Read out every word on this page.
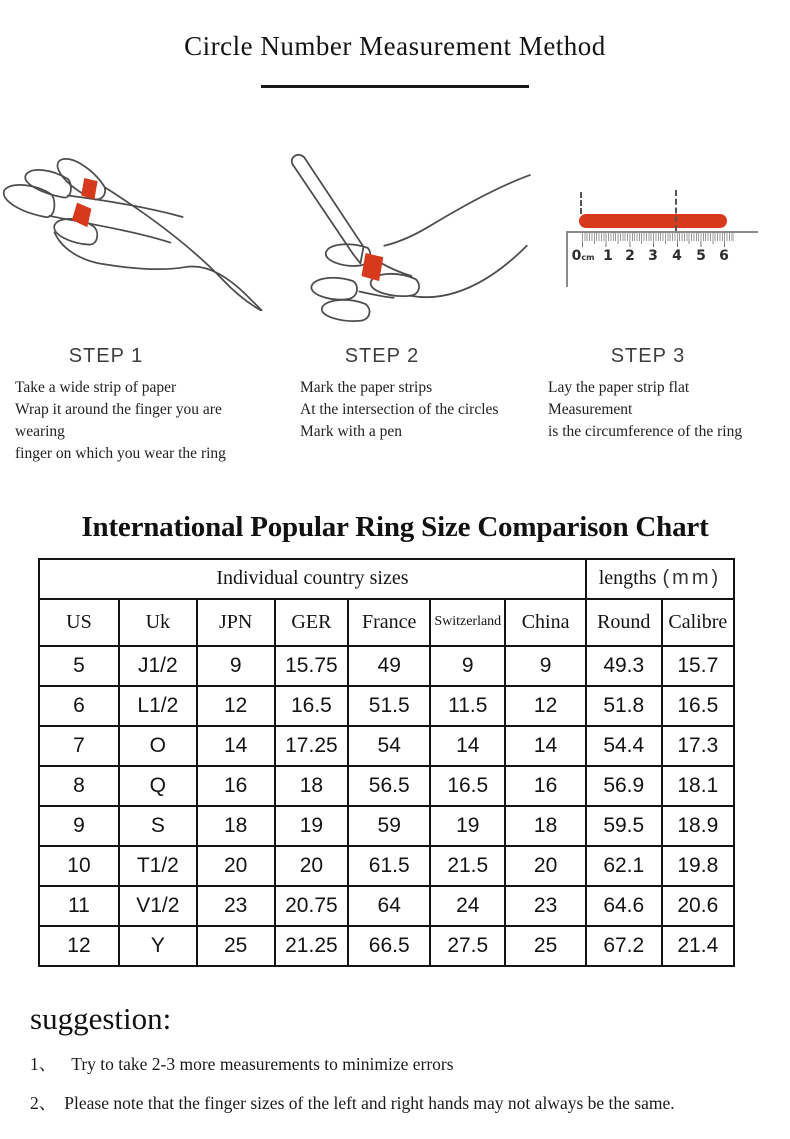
Circle Number Measurement Method
STEP 1

Take a wide strip of paper

Wrap it around the finger you are wearing

finger on which you wear the ring

STEP 2

Mark the paper strips

At the intersection of the circles

Mark with a pen

0cm 1 2 3 4 5 6
STEP 3

Lay the paper strip flat

Measurement

is the circumference of the ring

International Popular Ring Size Comparison Chart
Individual country sizes							lengths (mm)	
US	Uk	JPN	GER	France	Switzerland	China	Round	Calibre
5	J1/2	9	15.75	49	9	9	49.3	15.7
6	L1/2	12	16.5	51.5	11.5	12	51.8	16.5
7	O	14	17.25	54	14	14	54.4	17.3
8	Q	16	18	56.5	16.5	16	56.9	18.1
9	S	18	19	59	19	18	59.5	18.9
10	T1/2	20	20	61.5	21.5	20	62.1	19.8
11	V1/2	23	20.75	64	24	23	64.6	20.6
12	Y	25	21.25	66.5	27.5	25	67.2	21.4
suggestion:
1、 Try to take 2-3 more measurements to minimize errors
2、 Please note that the finger sizes of the left and right hands may not always be the same.
